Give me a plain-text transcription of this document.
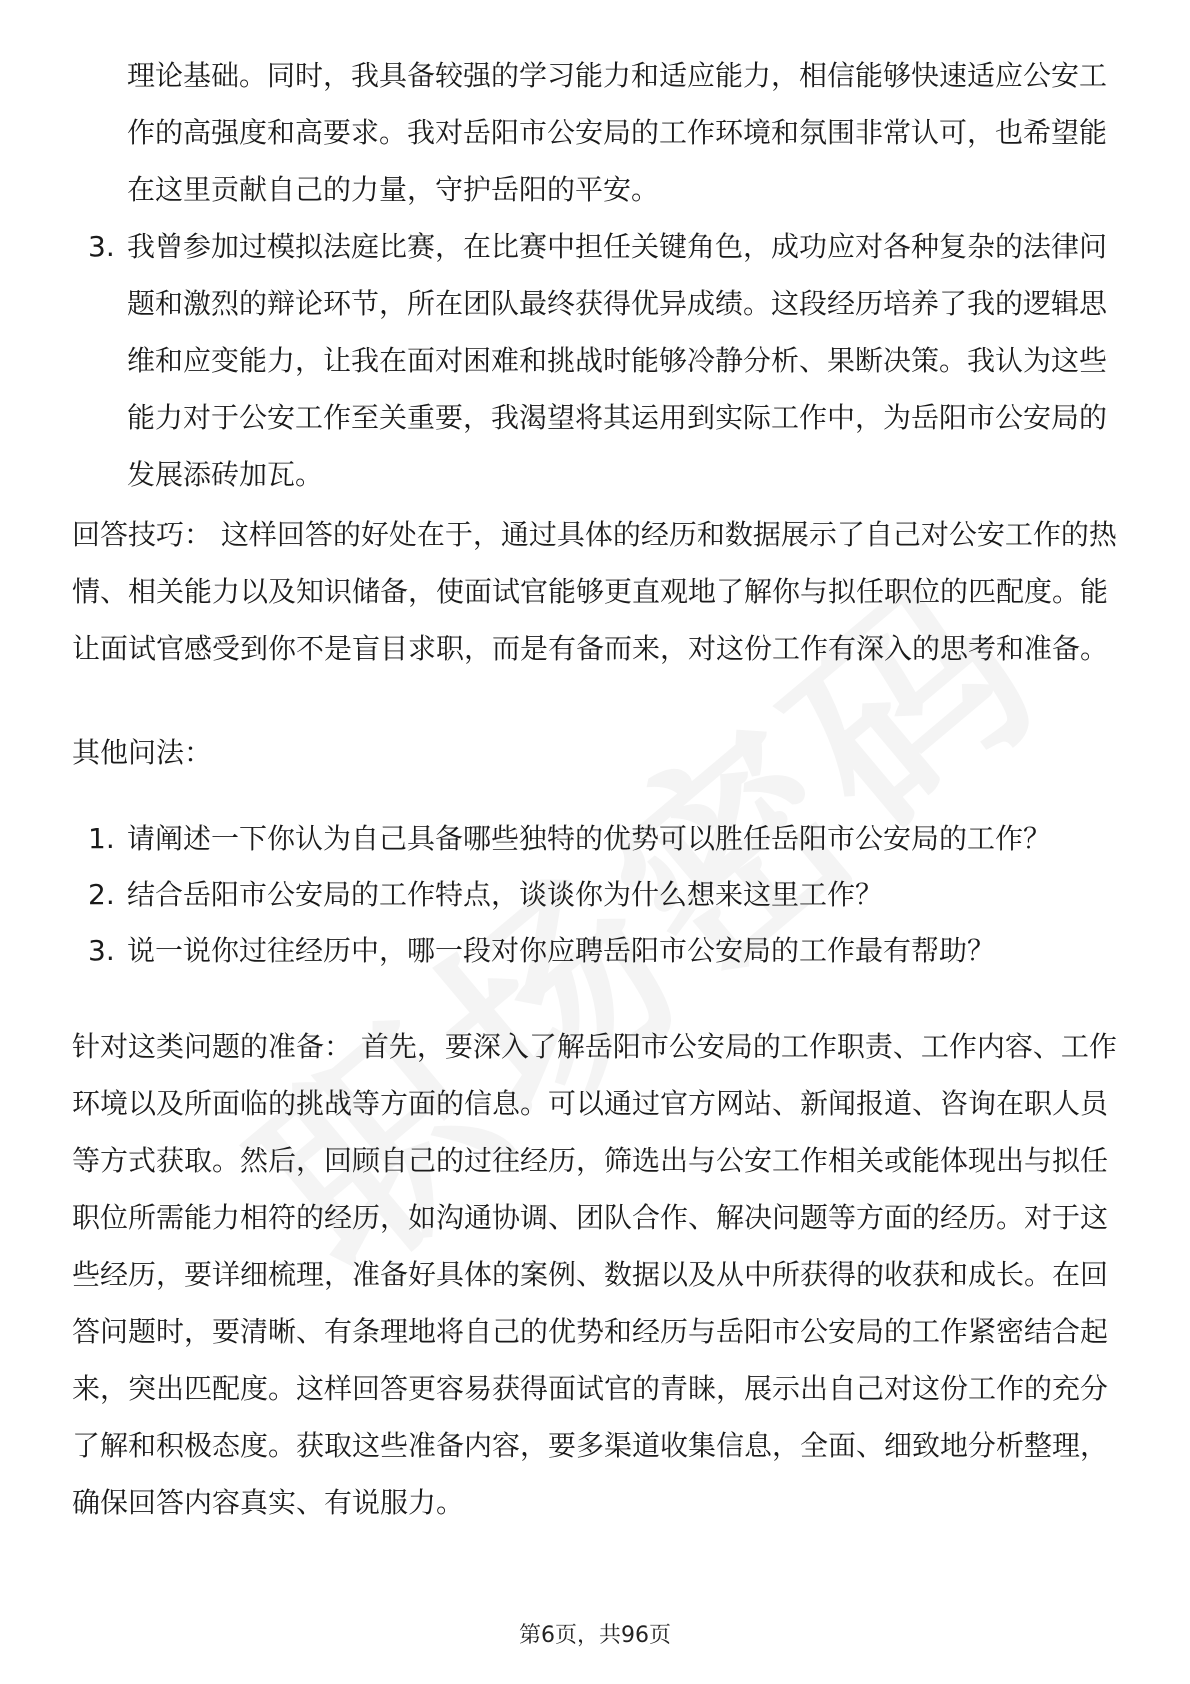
理论基础。同时，我具备较强的学习能力和适应能力，相信能够快速适应公安工作的高强度和高要求。我对岳阳市公安局的工作环境和氛围非常认可，也希望能在这里贡献自己的力量，守护岳阳的平安。

3. 我曾参加过模拟法庭比赛，在比赛中担任关键角色，成功应对各种复杂的法律问题和激烈的辩论环节，所在团队最终获得优异成绩。这段经历培养了我的逻辑思维和应变能力，让我在面对困难和挑战时能够冷静分析、果断决策。我认为这些能力对于公安工作至关重要，我渴望将其运用到实际工作中，为岳阳市公安局的发展添砖加瓦。

回答技巧： 这样回答的好处在于，通过具体的经历和数据展示了自己对公安工作的热情、相关能力以及知识储备，使面试官能够更直观地了解你与拟任职位的匹配度。能让面试官感受到你不是盲目求职，而是有备而来，对这份工作有深入的思考和准备。

其他问法：

1. 请阐述一下你认为自己具备哪些独特的优势可以胜任岳阳市公安局的工作？
2. 结合岳阳市公安局的工作特点，谈谈你为什么想来这里工作？
3. 说一说你过往经历中，哪一段对你应聘岳阳市公安局的工作最有帮助？

针对这类问题的准备： 首先，要深入了解岳阳市公安局的工作职责、工作内容、工作环境以及所面临的挑战等方面的信息。可以通过官方网站、新闻报道、咨询在职人员等方式获取。然后，回顾自己的过往经历，筛选出与公安工作相关或能体现出与拟任职位所需能力相符的经历，如沟通协调、团队合作、解决问题等方面的经历。对于这些经历，要详细梳理，准备好具体的案例、数据以及从中所获得的收获和成长。在回答问题时，要清晰、有条理地将自己的优势和经历与岳阳市公安局的工作紧密结合起来，突出匹配度。这样回答更容易获得面试官的青睐，展示出自己对这份工作的充分了解和积极态度。获取这些准备内容，要多渠道收集信息，全面、细致地分析整理，确保回答内容真实、有说服力。

第6页，共96页
